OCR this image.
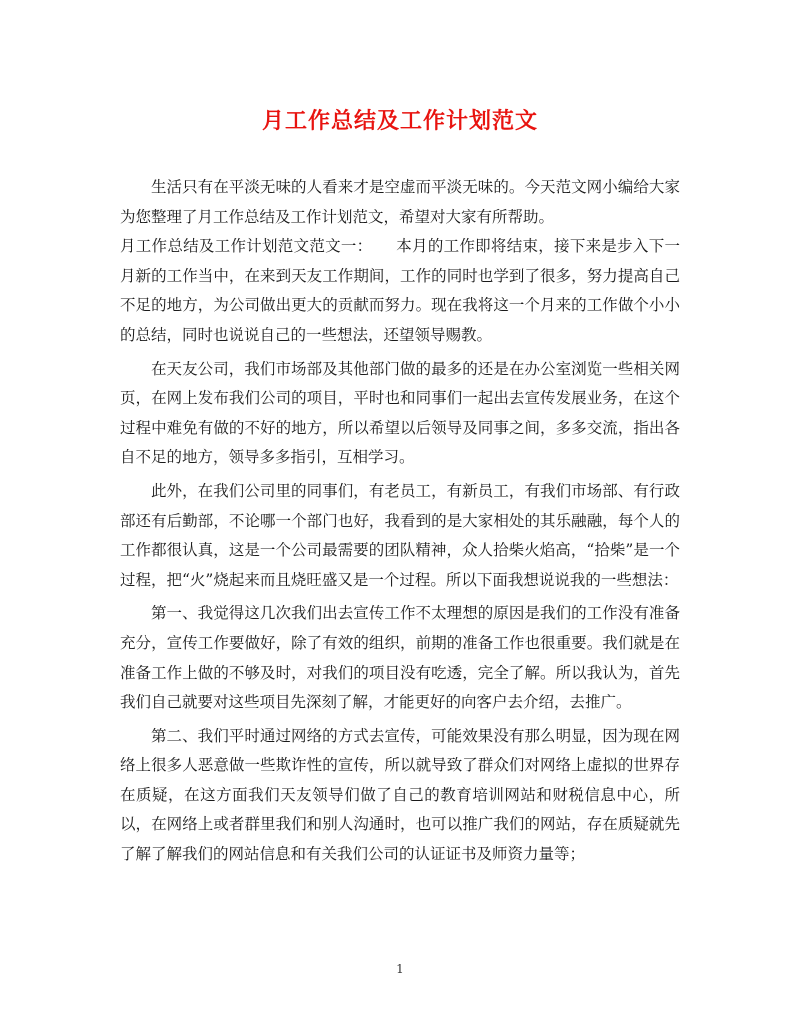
月工作总结及工作计划范文

生活只有在平淡无味的人看来才是空虚而平淡无味的。今天范文网小编给大家为您整理了月工作总结及工作计划范文，希望对大家有所帮助。

月工作总结及工作计划范文范文一：　　本月的工作即将结束，接下来是步入下一月新的工作当中，在来到天友工作期间，工作的同时也学到了很多，努力提高自己不足的地方，为公司做出更大的贡献而努力。现在我将这一个月来的工作做个小小的总结，同时也说说自己的一些想法，还望领导赐教。

在天友公司，我们市场部及其他部门做的最多的还是在办公室浏览一些相关网页，在网上发布我们公司的项目，平时也和同事们一起出去宣传发展业务，在这个过程中难免有做的不好的地方，所以希望以后领导及同事之间，多多交流，指出各自不足的地方，领导多多指引，互相学习。

此外，在我们公司里的同事们，有老员工，有新员工，有我们市场部、有行政部还有后勤部，不论哪一个部门也好，我看到的是大家相处的其乐融融，每个人的工作都很认真，这是一个公司最需要的团队精神，众人拾柴火焰高，“拾柴”是一个过程，把“火”烧起来而且烧旺盛又是一个过程。所以下面我想说说我的一些想法：

第一、我觉得这几次我们出去宣传工作不太理想的原因是我们的工作没有准备充分，宣传工作要做好，除了有效的组织，前期的准备工作也很重要。我们就是在准备工作上做的不够及时，对我们的项目没有吃透，完全了解。所以我认为，首先我们自己就要对这些项目先深刻了解，才能更好的向客户去介绍，去推广。

第二、我们平时通过网络的方式去宣传，可能效果没有那么明显，因为现在网络上很多人恶意做一些欺诈性的宣传，所以就导致了群众们对网络上虚拟的世界存在质疑，在这方面我们天友领导们做了自己的教育培训网站和财税信息中心，所以，在网络上或者群里我们和别人沟通时，也可以推广我们的网站，存在质疑就先了解了解我们的网站信息和有关我们公司的认证证书及师资力量等；

1
